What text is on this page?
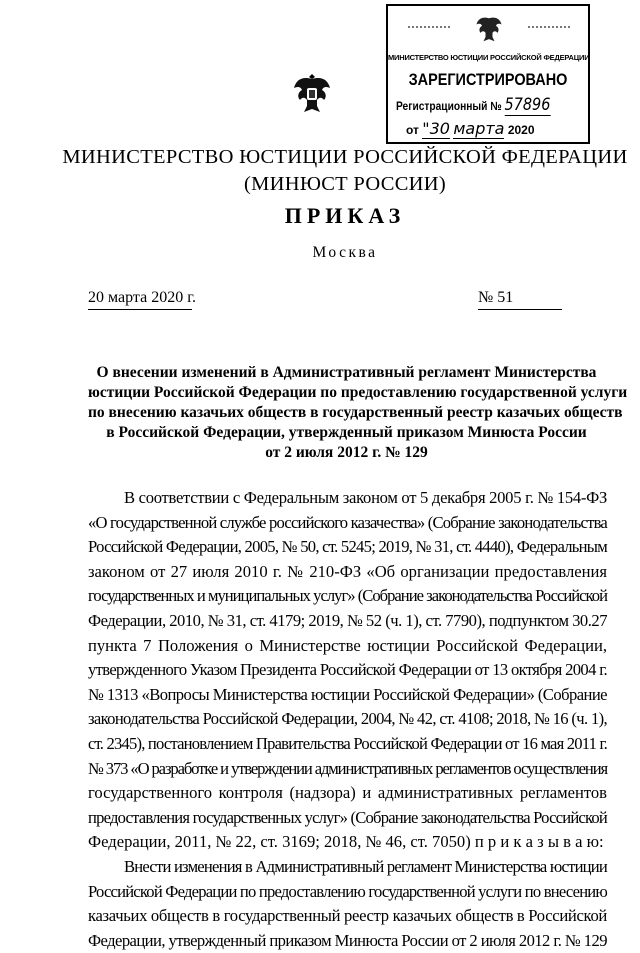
МИНИСТЕРСТВО ЮСТИЦИИ РОССИЙСКОЙ ФЕДЕРАЦИИ
ЗАРЕГИСТРИРОВАНО
Регистрационный № 57896
от "30 марта 2020
МИНИСТЕРСТВО ЮСТИЦИИ РОССИЙСКОЙ ФЕДЕРАЦИИ
(МИНЮСТ РОССИИ)
ПРИКАЗ
Москва
20 марта 2020 г.	№ 51
О внесении изменений в Административный регламент Министерства
юстиции Российской Федерации по предоставлению государственной услуги
по внесению казачьих обществ в государственный реестр казачьих обществ
в Российской Федерации, утвержденный приказом Минюста России
от 2 июля 2012 г. № 129
В соответствии с Федеральным законом от 5 декабря 2005 г. № 154-ФЗ
«О государственной службе российского казачества» (Собрание законодательства
Российской Федерации, 2005, № 50, ст. 5245; 2019, № 31, ст. 4440), Федеральным
законом от 27 июля 2010 г. № 210-ФЗ «Об организации предоставления
государственных и муниципальных услуг» (Собрание законодательства Российской
Федерации, 2010, № 31, ст. 4179; 2019, № 52 (ч. 1), ст. 7790), подпунктом 30.27
пункта 7 Положения о Министерстве юстиции Российской Федерации,
утвержденного Указом Президента Российской Федерации от 13 октября 2004 г.
№ 1313 «Вопросы Министерства юстиции Российской Федерации» (Собрание
законодательства Российской Федерации, 2004, № 42, ст. 4108; 2018, № 16 (ч. 1),
ст. 2345), постановлением Правительства Российской Федерации от 16 мая 2011 г.
№ 373 «О разработке и утверждении административных регламентов осуществления
государственного контроля (надзора) и административных регламентов
предоставления государственных услуг» (Собрание законодательства Российской
Федерации, 2011, № 22, ст. 3169; 2018, № 46, ст. 7050) п р и к а з ы в а ю:
Внести изменения в Административный регламент Министерства юстиции
Российской Федерации по предоставлению государственной услуги по внесению
казачьих обществ в государственный реестр казачьих обществ в Российской
Федерации, утвержденный приказом Минюста России от 2 июля 2012 г. № 129
